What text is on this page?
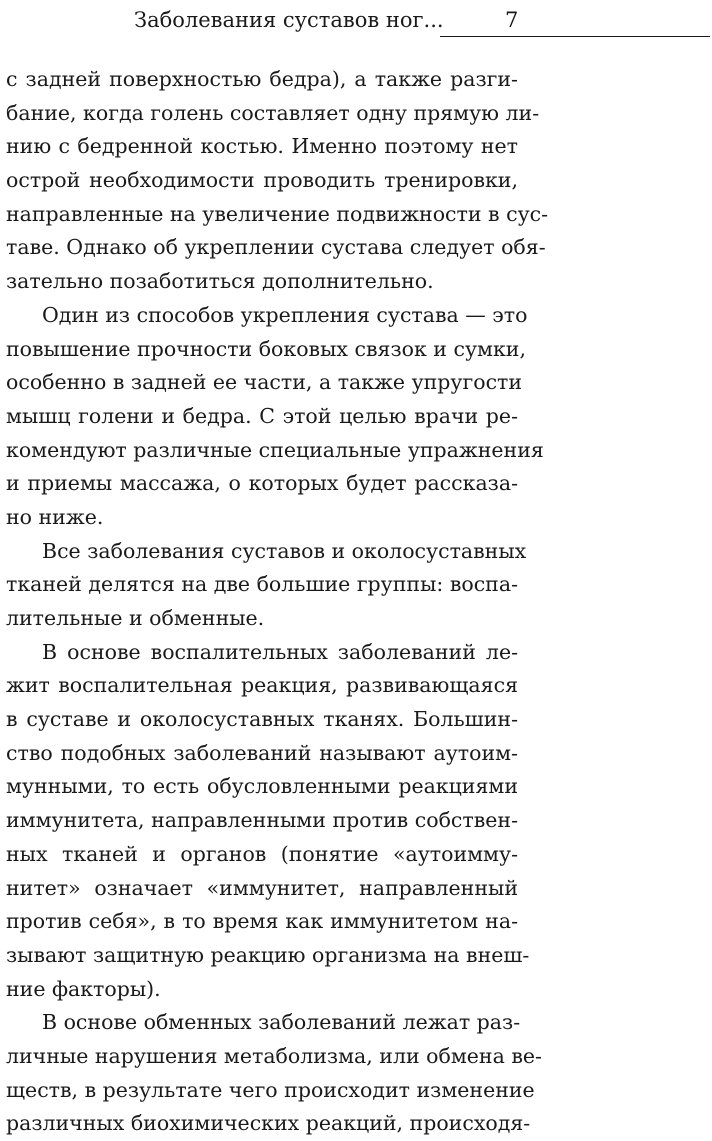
Заболевания суставов ног...	7
с задней поверхностью бедра), а также разги-
бание, когда голень составляет одну прямую ли-
нию с бедренной костью. Именно поэтому нет
острой необходимости проводить тренировки,
направленные на увеличение подвижности в сус-
таве. Однако об укреплении сустава следует обя-
зательно позаботиться дополнительно.
Один из способов укрепления сустава — это
повышение прочности боковых связок и сумки,
особенно в задней ее части, а также упругости
мышц голени и бедра. С этой целью врачи ре-
комендуют различные специальные упражнения
и приемы массажа, о которых будет рассказа-
но ниже.
Все заболевания суставов и околосуставных
тканей делятся на две большие группы: воспа-
лительные и обменные.
В основе воспалительных заболеваний ле-
жит воспалительная реакция, развивающаяся
в суставе и околосуставных тканях. Большин-
ство подобных заболеваний называют аутоим-
мунными, то есть обусловленными реакциями
иммунитета, направленными против собствен-
ных тканей и органов (понятие «аутоимму-
нитет» означает «иммунитет, направленный
против себя», в то время как иммунитетом на-
зывают защитную реакцию организма на внеш-
ние факторы).
В основе обменных заболеваний лежат раз-
личные нарушения метаболизма, или обмена ве-
ществ, в результате чего происходит изменение
различных биохимических реакций, происходя-
